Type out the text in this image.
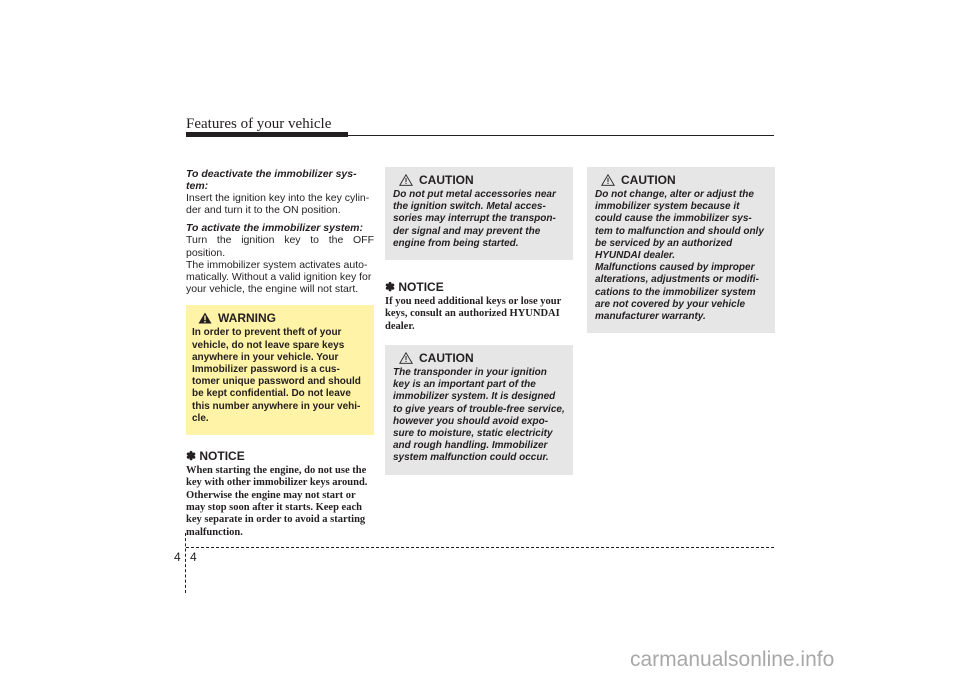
Features of your vehicle

To deactivate the immobilizer sys-
tem:

Insert the ignition key into the key cylin-
der and turn it to the ON position.

To activate the immobilizer system:

Turn the ignition key to the OFF position.
The immobilizer system activates auto-
matically. Without a valid ignition key for
your vehicle, the engine will not start.

WARNING

In order to prevent theft of your
vehicle, do not leave spare keys
anywhere in your vehicle. Your
Immobilizer password is a cus-
tomer unique password and should
be kept confidential. Do not leave
this number anywhere in your vehi-
cle.

✽ NOTICE

When starting the engine, do not use the
key with other immobilizer keys around.
Otherwise the engine may not start or
may stop soon after it starts. Keep each
key separate in order to avoid a starting
malfunction.

CAUTION

Do not put metal accessories near
the ignition switch. Metal acces-
sories may interrupt the transpon-
der signal and may prevent the
engine from being started.

✽ NOTICE

If you need additional keys or lose your
keys, consult an authorized HYUNDAI
dealer.

CAUTION

The transponder in your ignition
key is an important part of the
immobilizer system. It is designed
to give years of trouble-free service,
however you should avoid expo-
sure to moisture, static electricity
and rough handling. Immobilizer
system malfunction could occur.

CAUTION

Do not change, alter or adjust the
immobilizer system because it
could cause the immobilizer sys-
tem to malfunction and should only
be serviced by an authorized
HYUNDAI dealer.
Malfunctions caused by improper
alterations, adjustments or modifi-
cations to the immobilizer system
are not covered by your vehicle
manufacturer warranty.

4 4
carmanualsonline.info
